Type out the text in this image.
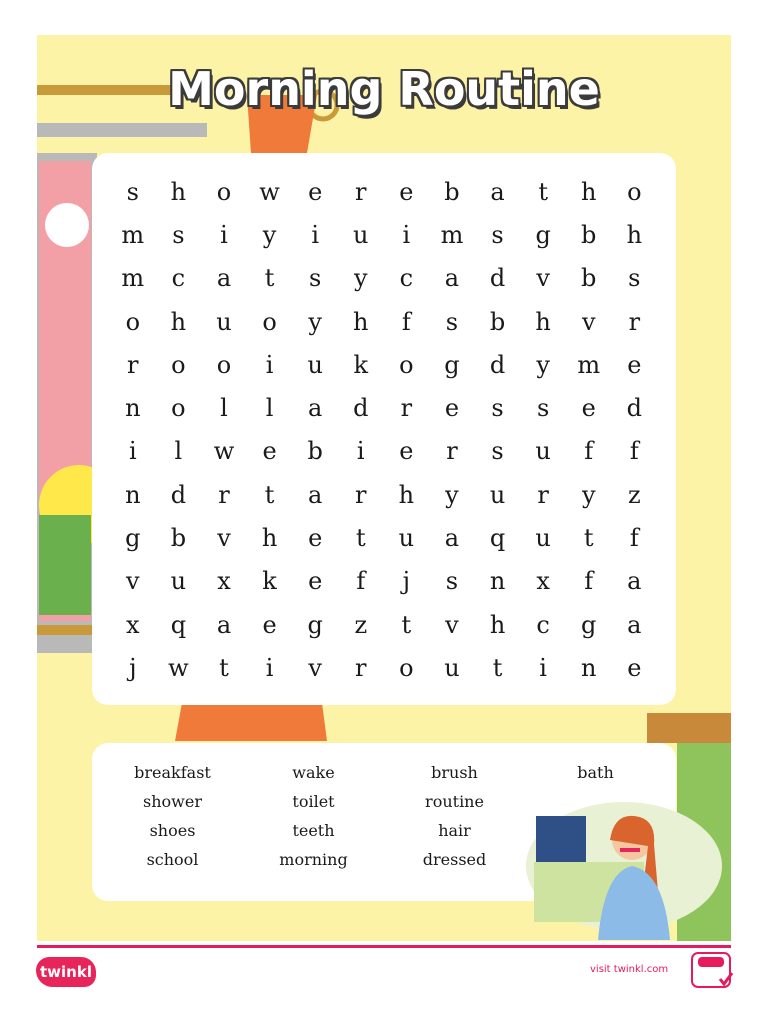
Morning Routine
s	h	o	w	e	r	e	b	a	t	h	o
m	s	i	y	i	u	i	m	s	g	b	h
m	c	a	t	s	y	c	a	d	v	b	s
o	h	u	o	y	h	f	s	b	h	v	r
r	o	o	i	u	k	o	g	d	y	m	e
n	o	l	l	a	d	r	e	s	s	e	d
i	l	w	e	b	i	e	r	s	u	f	f
n	d	r	t	a	r	h	y	u	r	y	z
g	b	v	h	e	t	u	a	q	u	t	f
v	u	x	k	e	f	j	s	n	x	f	a
x	q	a	e	g	z	t	v	h	c	g	a
j	w	t	i	v	r	o	u	t	i	n	e
breakfast	wake	brush	bath
shower	toilet	routine
shoes	teeth	hair
school	morning	dressed
twinkl	visit twinkl.com
